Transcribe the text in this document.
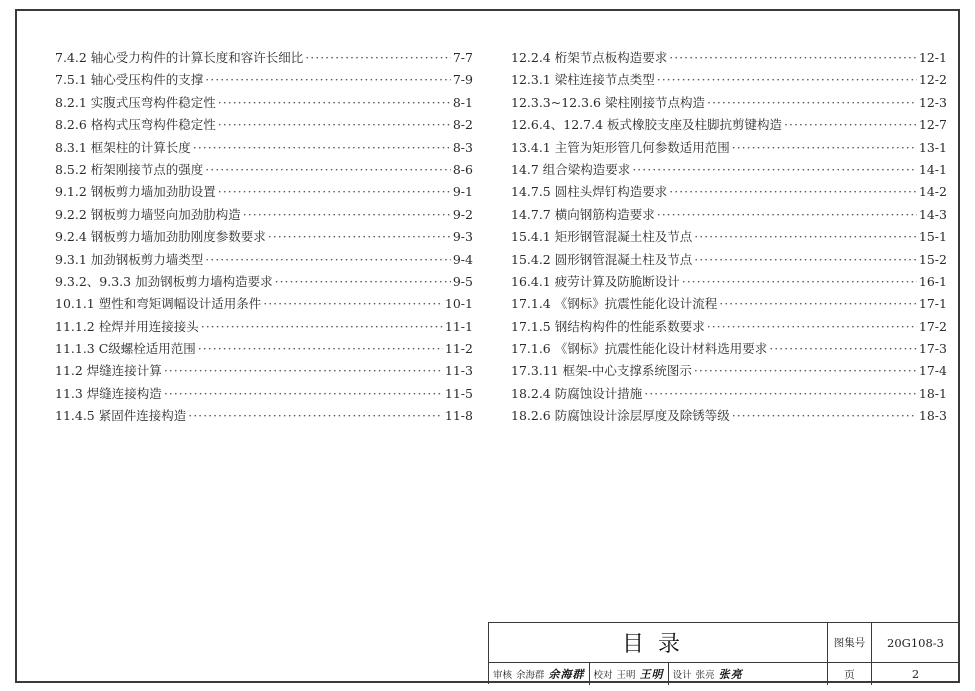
7.4.2 轴心受力构件的计算长度和容许长细比 ·····	7-7
7.5.1 轴心受压构件的支撑 ·····	7-9
8.2.1 实腹式压弯构件稳定性 ·····	8-1
8.2.6 格构式压弯构件稳定性 ·····	8-2
8.3.1 框架柱的计算长度 ·····	8-3
8.5.2 桁架刚接节点的强度 ·····	8-6
9.1.2 钢板剪力墙加劲肋设置 ·····	9-1
9.2.2 钢板剪力墙竖向加劲肋构造 ·····	9-2
9.2.4 钢板剪力墙加劲肋刚度参数要求 ·····	9-3
9.3.1 加劲钢板剪力墙类型 ·····	9-4
9.3.2、9.3.3 加劲钢板剪力墙构造要求 ·····	9-5
10.1.1 塑性和弯矩调幅设计适用条件 ·····	10-1
11.1.2 栓焊并用连接接头 ·····	11-1
11.1.3 C级螺栓适用范围 ·····	11-2
11.2 焊缝连接计算 ·····	11-3
11.3 焊缝连接构造 ·····	11-5
11.4.5 紧固件连接构造 ·····	11-8
12.2.4 桁架节点板构造要求 ·····	12-1
12.3.1 梁柱连接节点类型 ·····	12-2
12.3.3~12.3.6 梁柱刚接节点构造 ·····	12-3
12.6.4、12.7.4 板式橡胶支座及柱脚抗剪键构造 ·····	12-7
13.4.1 主管为矩形管几何参数适用范围 ·····	13-1
14.7 组合梁构造要求 ·····	14-1
14.7.5 圆柱头焊钉构造要求 ·····	14-2
14.7.7 横向钢筋构造要求 ·····	14-3
15.4.1 矩形钢管混凝土柱及节点 ·····	15-1
15.4.2 圆形钢管混凝土柱及节点 ·····	15-2
16.4.1 疲劳计算及防脆断设计 ·····	16-1
17.1.4 《钢标》抗震性能化设计流程 ·····	17-1
17.1.5 钢结构构件的性能系数要求 ·····	17-2
17.1.6 《钢标》抗震性能化设计材料选用要求 ·····	17-3
17.3.11 框架-中心支撑系统图示 ·····	17-4
18.2.4 防腐蚀设计措施 ·····	18-1
18.2.6 防腐蚀设计涂层厚度及除锈等级 ·····	18-3
目录	图集号	20G108-3
页	2
审核 余海群 余海群 校对 王明 王明 设计 张亮 张亮
